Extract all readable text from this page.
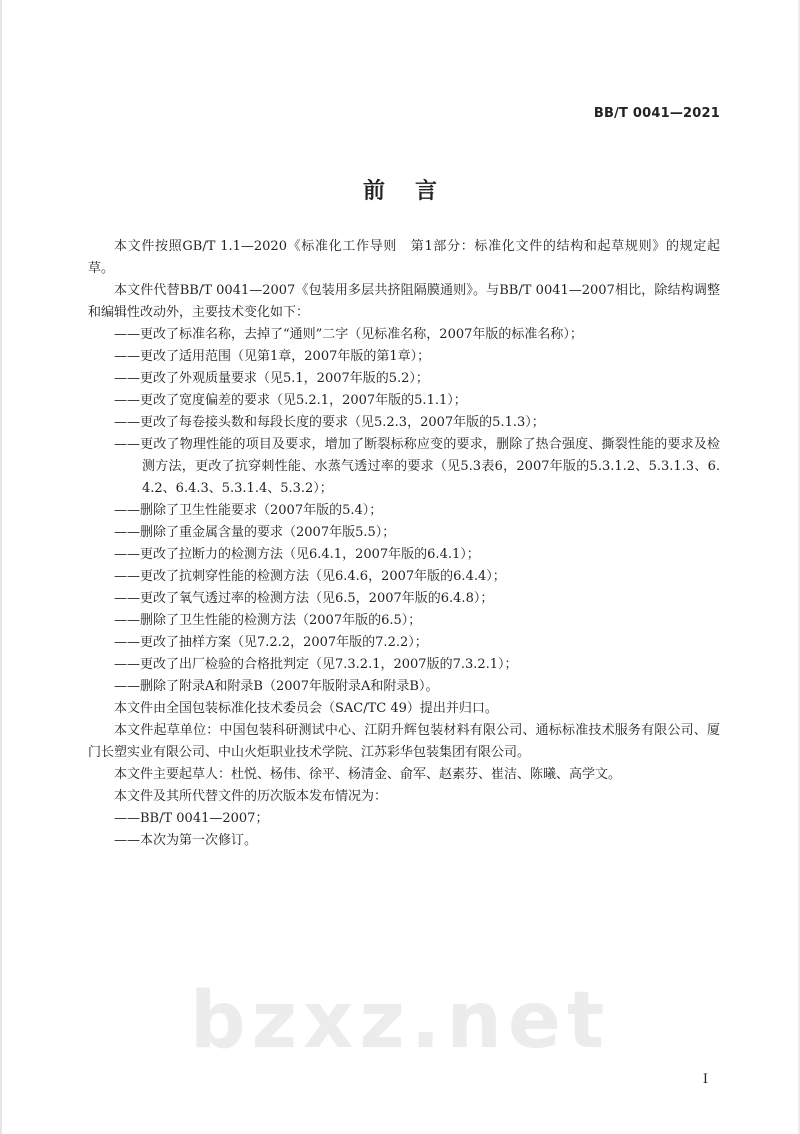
BB/T 0041—2021
前言

本文件按照GB/T 1.1—2020《标准化工作导则　第1部分：标准化文件的结构和起草规则》的规定起草。

本文件代替BB/T 0041—2007《包装用多层共挤阻隔膜通则》。与BB/T 0041—2007相比，除结构调整和编辑性改动外，主要技术变化如下：

——更改了标准名称，去掉了“通则”二字（见标准名称，2007年版的标准名称）；

——更改了适用范围（见第1章，2007年版的第1章）；

——更改了外观质量要求（见5.1，2007年版的5.2）；

——更改了宽度偏差的要求（见5.2.1，2007年版的5.1.1）；

——更改了每卷接头数和每段长度的要求（见5.2.3，2007年版的5.1.3）；

——更改了物理性能的项目及要求，增加了断裂标称应变的要求，删除了热合强度、撕裂性能的要求及检测方法，更改了抗穿刺性能、水蒸气透过率的要求（见5.3表6，2007年版的5.3.1.2、5.3.1.3、6.4.2、6.4.3、5.3.1.4、5.3.2）；

——删除了卫生性能要求（2007年版的5.4）；

——删除了重金属含量的要求（2007年版5.5）；

——更改了拉断力的检测方法（见6.4.1，2007年版的6.4.1）；

——更改了抗刺穿性能的检测方法（见6.4.6，2007年版的6.4.4）；

——更改了氧气透过率的检测方法（见6.5，2007年版的6.4.8）；

——删除了卫生性能的检测方法（2007年版的6.5）；

——更改了抽样方案（见7.2.2，2007年版的7.2.2）；

——更改了出厂检验的合格批判定（见7.3.2.1，2007版的7.3.2.1）；

——删除了附录A和附录B（2007年版附录A和附录B）。

本文件由全国包装标准化技术委员会（SAC/TC 49）提出并归口。

本文件起草单位：中国包装科研测试中心、江阴升辉包装材料有限公司、通标标准技术服务有限公司、厦门长塑实业有限公司、中山火炬职业技术学院、江苏彩华包装集团有限公司。

本文件主要起草人：杜悦、杨伟、徐平、杨清金、俞军、赵素芬、崔洁、陈曦、高学文。

本文件及其所代替文件的历次版本发布情况为：

——BB/T 0041—2007；

——本次为第一次修订。

bzxz.net
I
